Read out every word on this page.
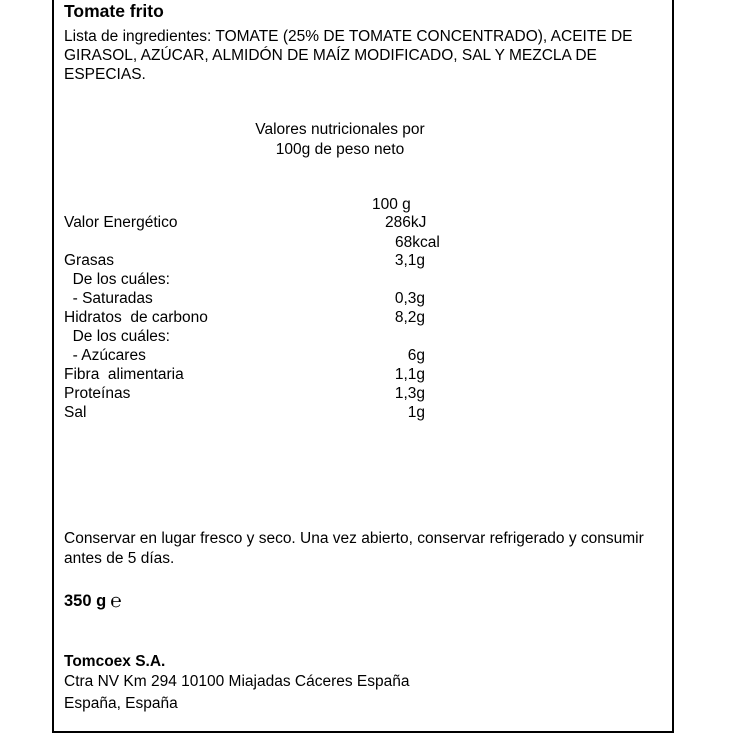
Tomate frito
Lista de ingredientes: TOMATE (25% DE TOMATE CONCENTRADO), ACEITE DE GIRASOL, AZÚCAR, ALMIDÓN DE MAÍZ MODIFICADO, SAL Y MEZCLA DE ESPECIAS.
Valores nutricionales por
100g de peso neto
100 g
Valor Energético	286kJ
68kcal
Grasas	3,1g
De los cuáles:
- Saturadas	0,3g
Hidratos  de carbono	8,2g
De los cuáles:
- Azúcares	6g
Fibra  alimentaria	1,1g
Proteínas	1,3g
Sal	1g
Conservar en lugar fresco y seco. Una vez abierto, conservar refrigerado y consumir antes de 5 días.
350 g ℮
Tomcoex S.A.
Ctra NV Km 294 10100 Miajadas Cáceres España
España, España
